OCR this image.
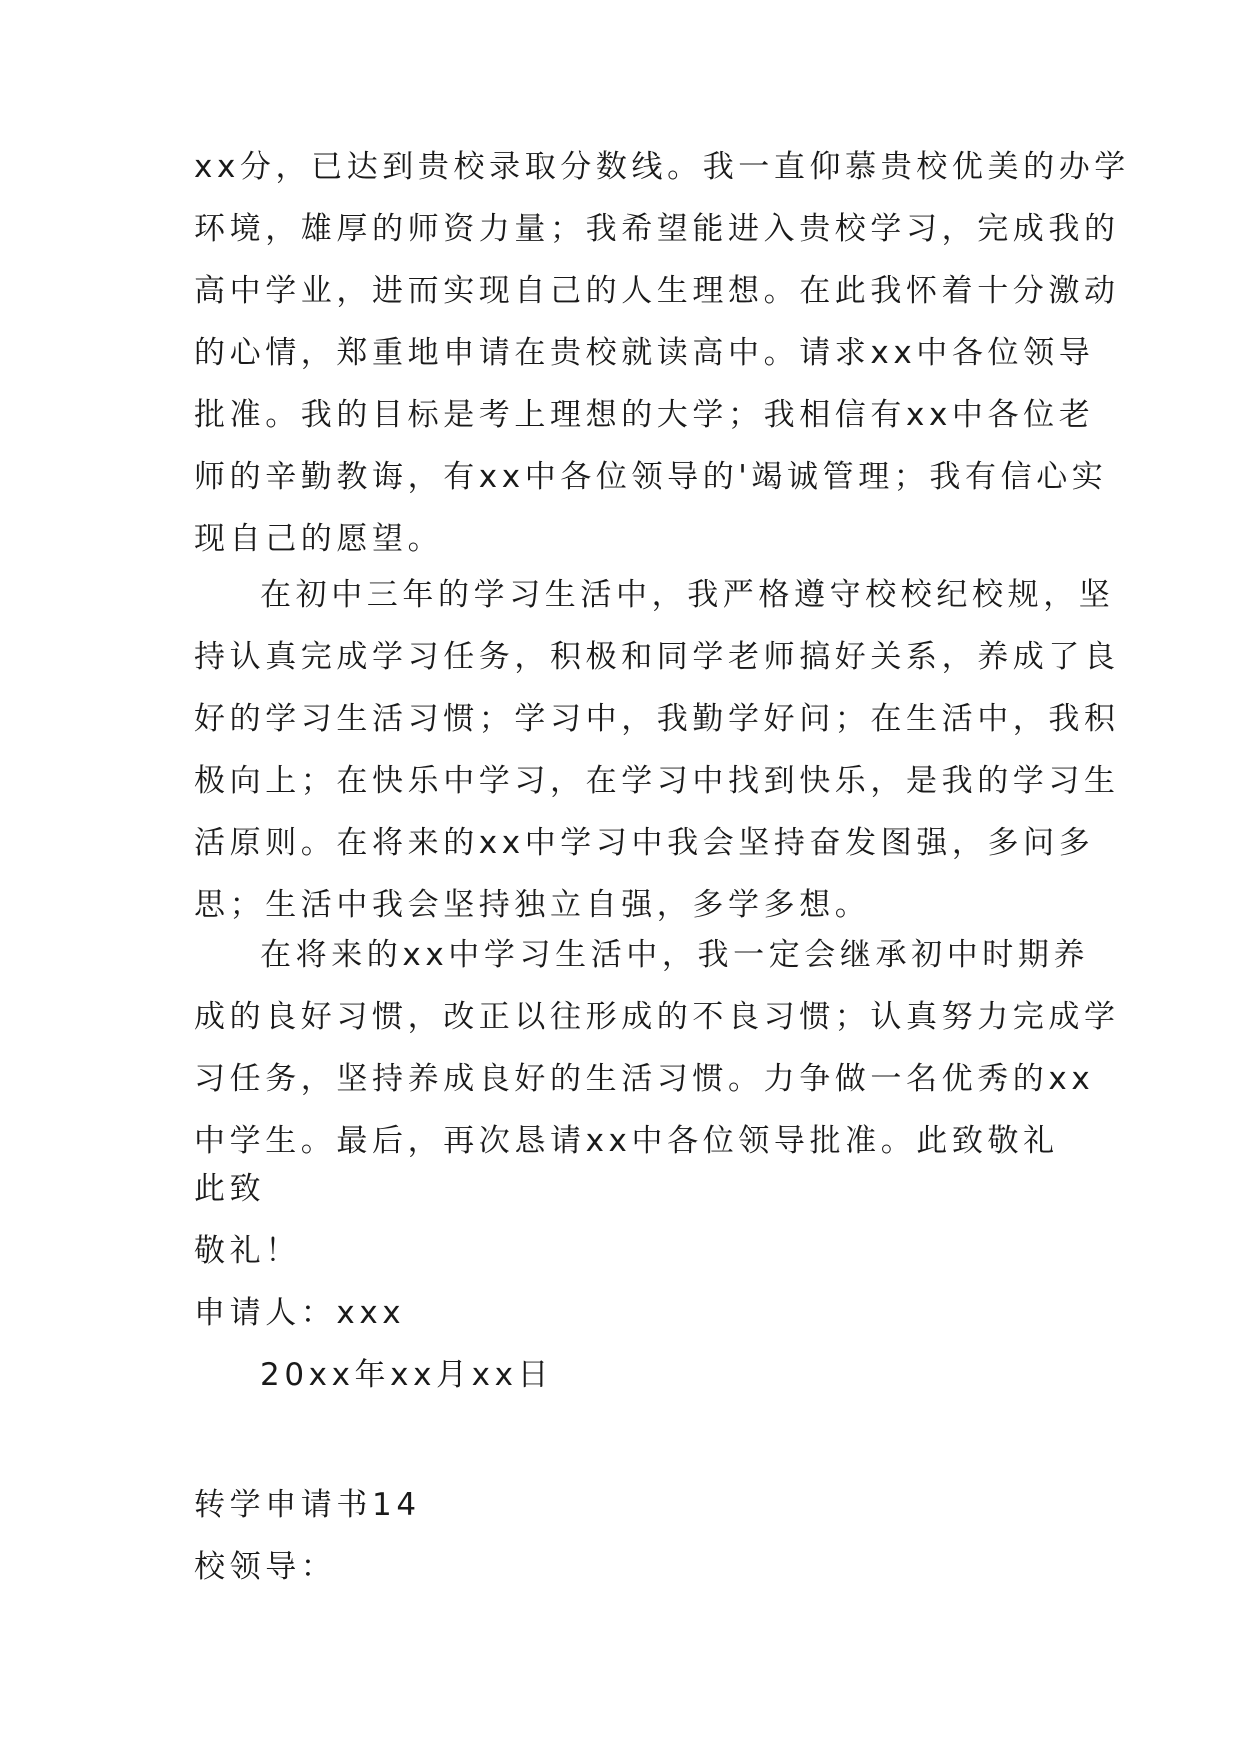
xx分，已达到贵校录取分数线。我一直仰慕贵校优美的办学

环境，雄厚的师资力量；我希望能进入贵校学习，完成我的

高中学业，进而实现自己的人生理想。在此我怀着十分激动

的心情，郑重地申请在贵校就读高中。请求xx中各位领导

批准。我的目标是考上理想的大学；我相信有xx中各位老

师的辛勤教诲，有xx中各位领导的'竭诚管理；我有信心实

现自己的愿望。

在初中三年的学习生活中，我严格遵守校校纪校规，坚

持认真完成学习任务，积极和同学老师搞好关系，养成了良

好的学习生活习惯；学习中，我勤学好问；在生活中，我积

极向上；在快乐中学习，在学习中找到快乐，是我的学习生

活原则。在将来的xx中学习中我会坚持奋发图强，多问多

思；生活中我会坚持独立自强，多学多想。

在将来的xx中学习生活中，我一定会继承初中时期养

成的良好习惯，改正以往形成的不良习惯；认真努力完成学

习任务，坚持养成良好的生活习惯。力争做一名优秀的xx

中学生。最后，再次恳请xx中各位领导批准。此致敬礼

此致

敬礼！

申请人：xxx

20xx年xx月xx日

转学申请书14

校领导：
